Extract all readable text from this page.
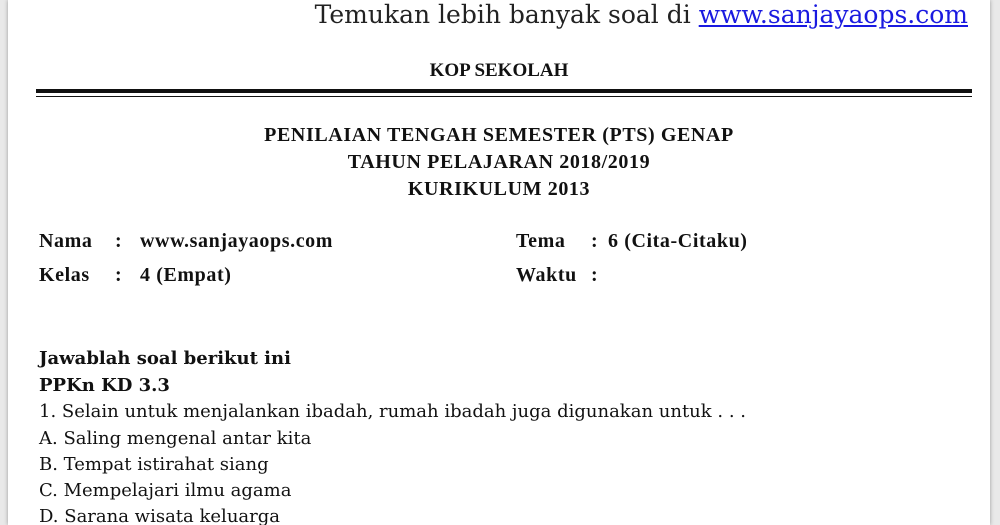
Temukan lebih banyak soal di www.sanjayaops.com
KOP SEKOLAH
PENILAIAN TENGAH SEMESTER (PTS) GENAP
TAHUN PELAJARAN 2018/2019
KURIKULUM 2013
Nama : www.sanjayaops.com
Kelas : 4 (Empat)
Tema : 6 (Cita-Citaku)
Waktu :
Jawablah soal berikut ini
PPKn KD 3.3
1. Selain untuk menjalankan ibadah, rumah ibadah juga digunakan untuk . . .
A. Saling mengenal antar kita
B. Tempat istirahat siang
C. Mempelajari ilmu agama
D. Sarana wisata keluarga
